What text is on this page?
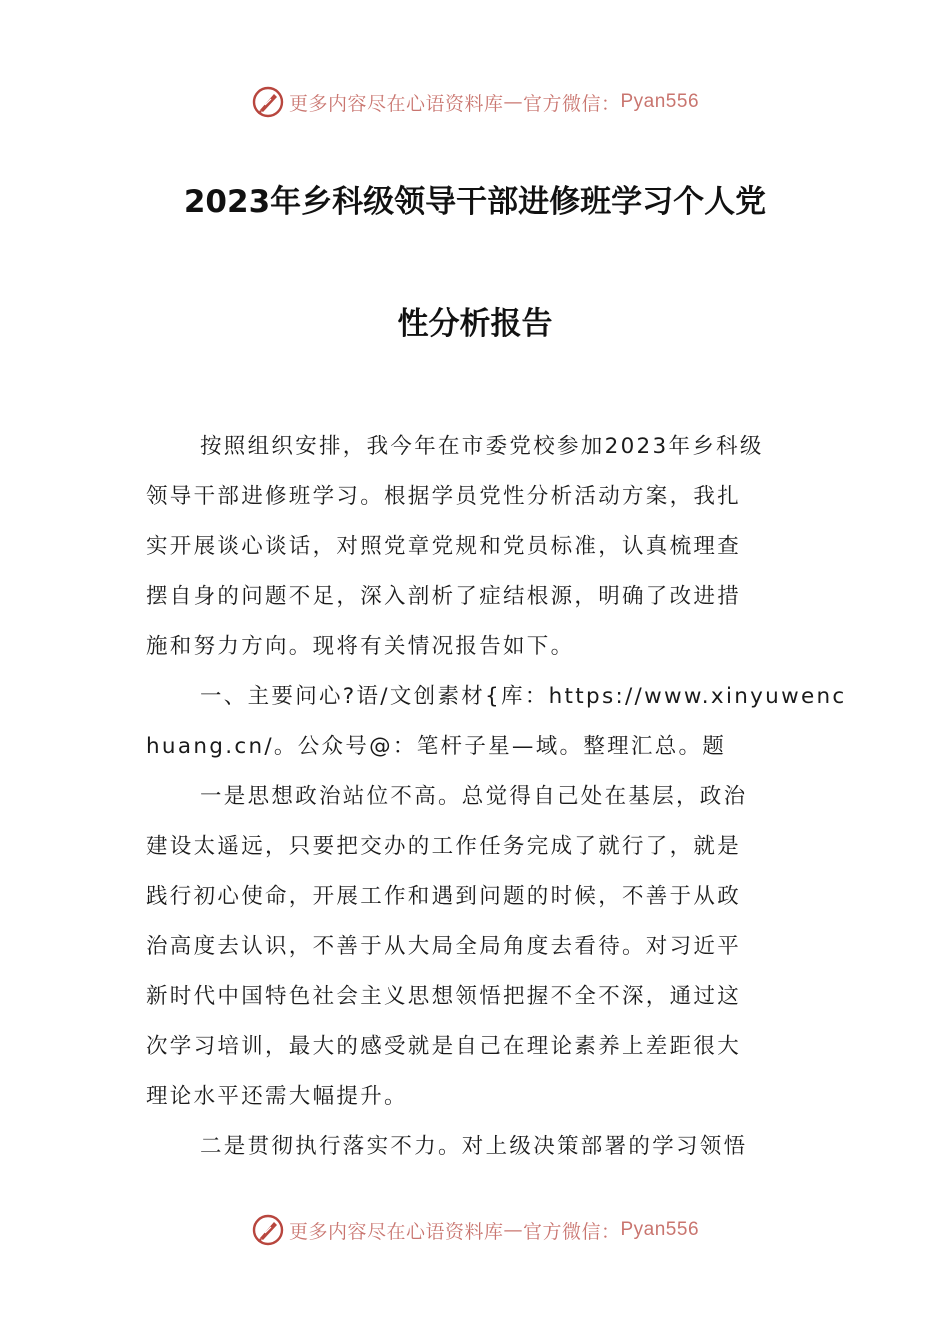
更多内容尽在心语资料库 — 官方微信： Pyan556
2023年乡科级领导干部进修班学习个人党
性分析报告
按照组织安排，我今年在市委党校参加2023年乡科级
领导干部进修班学习。根据学员党性分析活动方案，我扎
实开展谈心谈话，对照党章党规和党员标准，认真梳理查
摆自身的问题不足，深入剖析了症结根源，明确了改进措
施和努力方向。现将有关情况报告如下。
一、主要问心?语/文创素材{库：https://www.xinyuwenc
huang.cn/。公众号@：笔杆子星—域。整理汇总。题
一是思想政治站位不高。总觉得自己处在基层，政治
建设太遥远，只要把交办的工作任务完成了就行了，就是
践行初心使命，开展工作和遇到问题的时候，不善于从政
治高度去认识，不善于从大局全局角度去看待。对习近平
新时代中国特色社会主义思想领悟把握不全不深，通过这
次学习培训，最大的感受就是自己在理论素养上差距很大
理论水平还需大幅提升。
二是贯彻执行落实不力。对上级决策部署的学习领悟
更多内容尽在心语资料库 — 官方微信： Pyan556
